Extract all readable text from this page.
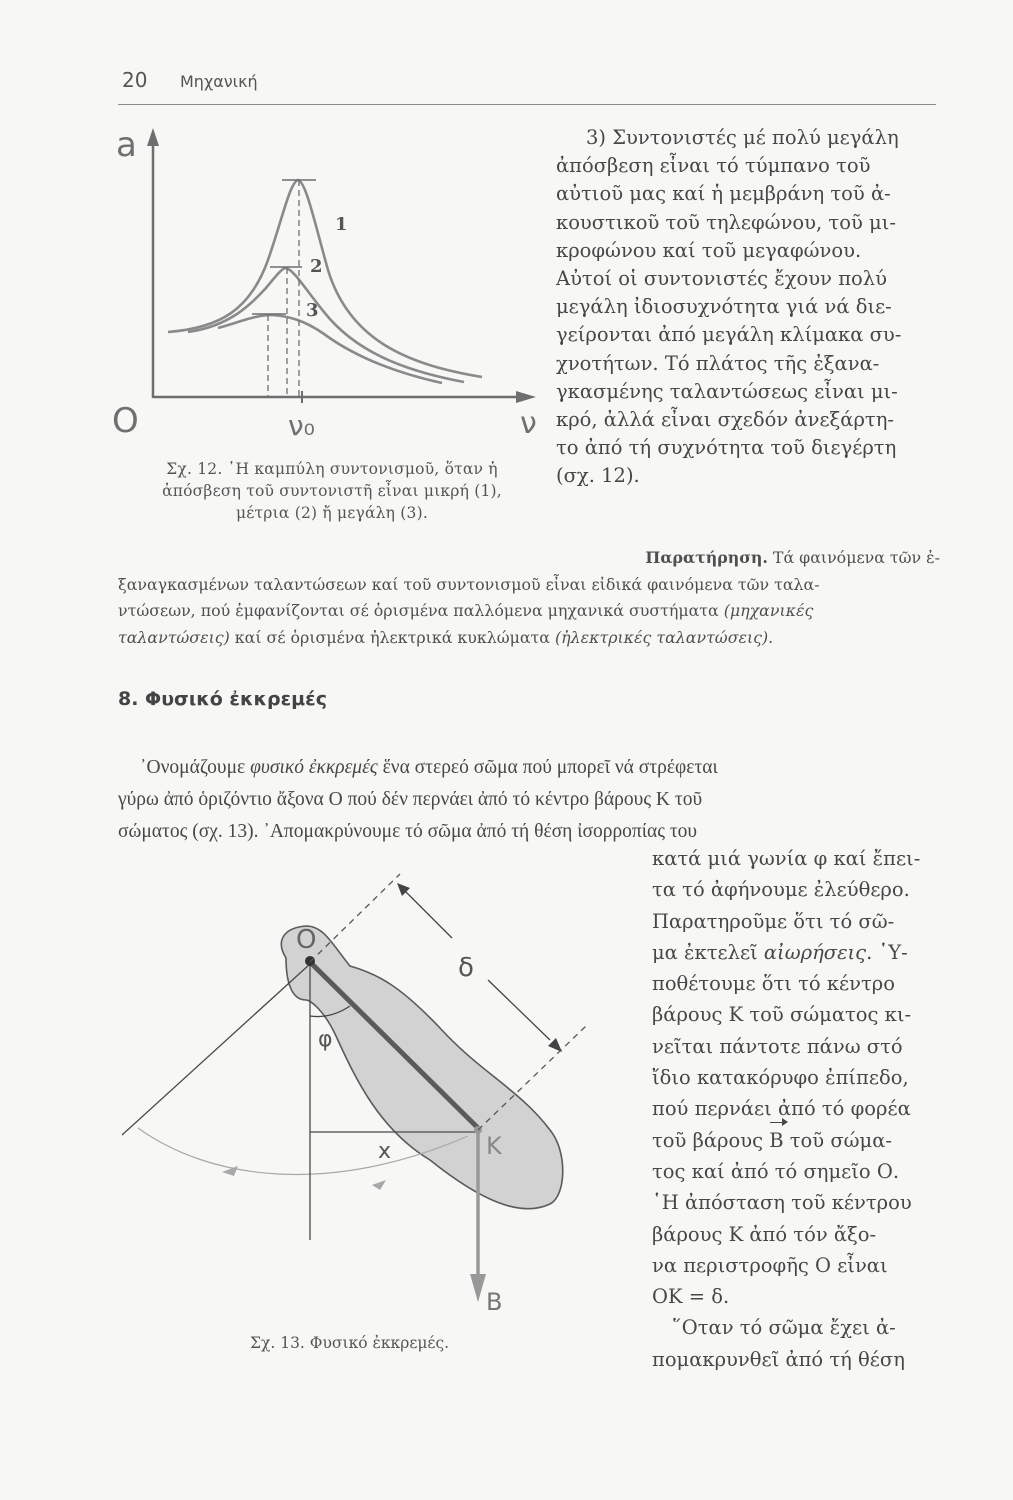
20 Μηχανική
a
ν
O	ν₀
1
2
3
Σχ. 12. ῾Η καμπύλη συντονισμοῦ, ὅταν ἡ
ἀπόσβεση τοῦ συντονιστῆ εἶναι μικρή (1),
μέτρια (2) ἤ μεγάλη (3).

3) Συντονιστές μέ πολύ μεγάλη

ἀπόσβεση εἶναι τό τύμπανο τοῦ

αὐτιοῦ μας καί ἡ μεμβράνη τοῦ ἀ-

κουστικοῦ τοῦ τηλεφώνου, τοῦ μι-

κροφώνου καί τοῦ μεγαφώνου.

Αὐτοί οἱ συντονιστές ἔχουν πολύ

μεγάλη ἰδιοσυχνότητα γιά νά διε-

γείρονται ἀπό μεγάλη κλίμακα συ-

χνοτήτων. Τό πλάτος τῆς ἐξανα-

γκασμένης ταλαντώσεως εἶναι μι-

κρό, ἀλλά εἶναι σχεδόν ἀνεξάρτη-

το ἀπό τή συχνότητα τοῦ διεγέρτη

(σχ. 12).

Παρατήρηση. Τά φαινόμενα τῶν ἐ-

ξαναγκασμένων ταλαντώσεων καί τοῦ συντονισμοῦ εἶναι εἰδικά φαινόμενα τῶν ταλα-

ντώσεων, πού ἐμφανίζονται σέ ὁρισμένα παλλόμενα μηχανικά συστήματα (μηχανικές

ταλαντώσεις) καί σέ ὁρισμένα ἠλεκτρικά κυκλώματα (ἠλεκτρικές ταλαντώσεις).

8. Φυσικό ἐκκρεμές

᾿Ονομάζουμε φυσικό ἐκκρεμές ἕνα στερεό σῶμα πού μπορεῖ νά στρέφεται

γύρω ἀπό ὁριζόντιο ἄξονα Ο πού δέν περνάει ἀπό τό κέντρο βάρους Κ τοῦ

σώματος (σχ. 13). ᾿Απομακρύνουμε τό σῶμα ἀπό τή θέση ἰσορροπίας του

κατά μιά γωνία φ καί ἔπει-

τα τό ἀφήνουμε ἐλεύθερο.

Παρατηροῦμε ὅτι τό σῶ-

μα ἐκτελεῖ αἰωρήσεις. ῾Υ-

ποθέτουμε ὅτι τό κέντρο

βάρους Κ τοῦ σώματος κι-

νεῖται πάντοτε πάνω στό

ἴδιο κατακόρυφο ἐπίπεδο,

πού περνάει ἀπό τό φορέα

τοῦ βάρους B τοῦ σώμα-

τος καί ἀπό τό σημεῖο Ο.

῾Η ἀπόσταση τοῦ κέντρου

βάρους Κ ἀπό τόν ἄξο-

να περιστροφῆς Ο εἶναι

ΟΚ = δ.

῞Οταν τό σῶμα ἔχει ἀ-

πομακρυνθεῖ ἀπό τή θέση

O
δ
φ
x	K
B
Σχ. 13. Φυσικό ἐκκρεμές.
